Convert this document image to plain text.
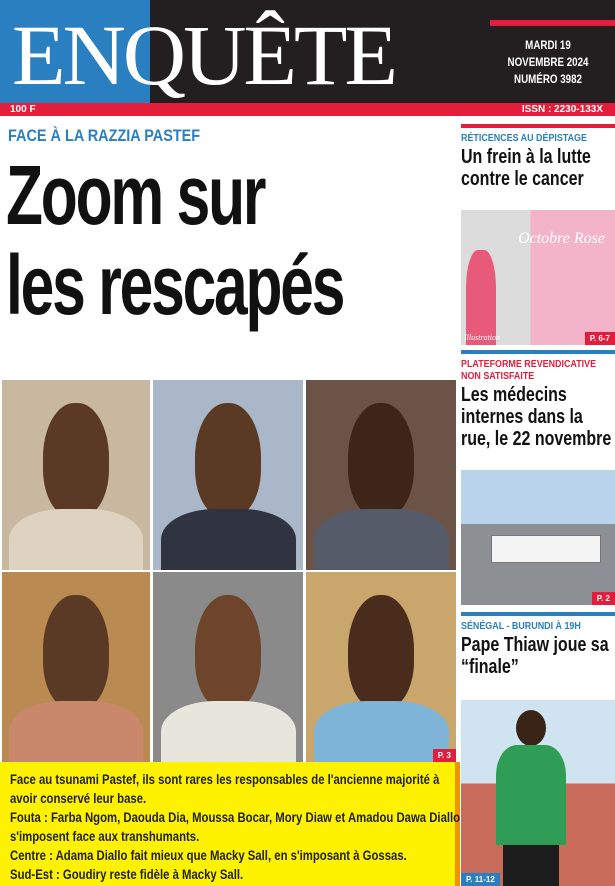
ENQUÊTE	MARDI 19
NOVEMBRE 2024
NUMÉRO 3982
100 F	ISSN : 2230-133X
FACE À LA RAZZIA PASTEF
Zoom sur
les rescapés
P. 3

Face au tsunami Pastef, ils sont rares les responsables de l'ancienne majorité à avoir conservé leur base.

Fouta : Farba Ngom, Daouda Dia, Moussa Bocar, Mory Diaw et Amadou Dawa Diallo s'imposent face aux transhumants.

Centre : Adama Diallo fait mieux que Macky Sall, en s'imposant à Gossas.

Sud-Est : Goudiry reste fidèle à Macky Sall.

RÉTICENCES AU DÉPISTAGE
Un frein à la lutte contre le cancer
Octobre Rose
Illustration	P. 6-7
PLATEFORME REVENDICATIVE NON SATISFAITE
Les médecins internes dans la rue, le 22 novembre
P. 2
SÉNÉGAL - BURUNDI À 19H
Pape Thiaw joue sa “finale”
P. 11-12
